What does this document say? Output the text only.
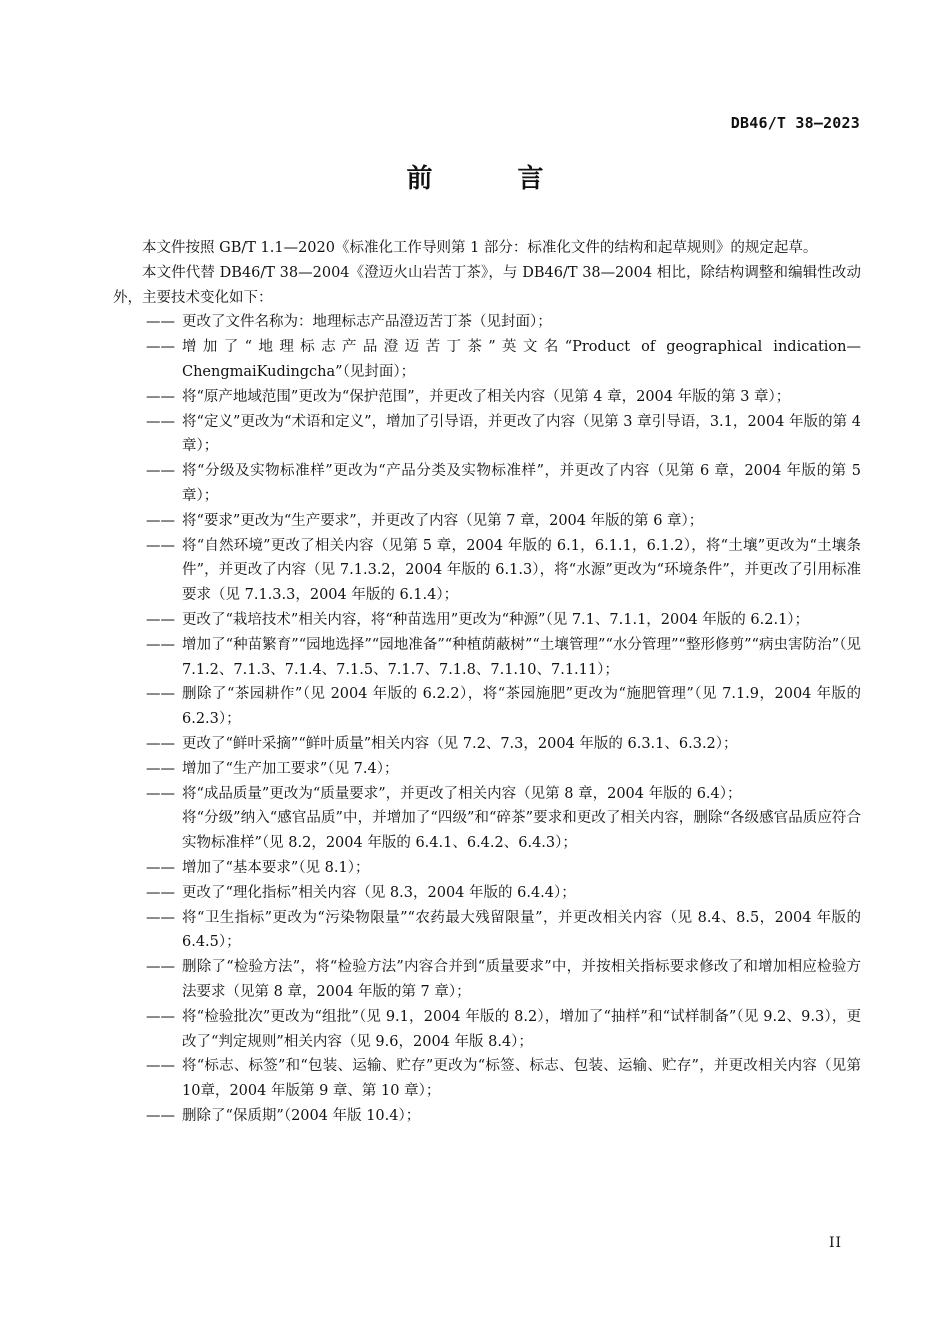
DB46/T 38—2023
前 言
本文件按照 GB/T 1.1—2020《标准化工作导则第 1 部分：标准化文件的结构和起草规则》的规定起草。
本文件代替 DB46/T 38—2004《澄迈火山岩苦丁茶》，与 DB46/T 38—2004 相比，除结构调整和编辑性改动外，主要技术变化如下：
—— 更改了文件名称为：地理标志产品澄迈苦丁茶（见封面）；
—— 增加了“地理标志产品澄迈苦丁茶”英文名“Product of geographical indication—ChengmaiKudingcha”（见封面）；
—— 将“原产地域范围”更改为“保护范围”，并更改了相关内容（见第 4 章，2004 年版的第 3 章）；
—— 将“定义”更改为“术语和定义”，增加了引导语，并更改了内容（见第 3 章引导语，3.1，2004 年版的第 4 章）；
—— 将“分级及实物标准样”更改为“产品分类及实物标准样”，并更改了内容（见第 6 章，2004 年版的第 5 章）；
—— 将“要求”更改为“生产要求”，并更改了内容（见第 7 章，2004 年版的第 6 章）；
—— 将“自然环境”更改了相关内容（见第 5 章，2004 年版的 6.1，6.1.1，6.1.2），将“土壤”更改为“土壤条件”，并更改了内容（见 7.1.3.2，2004 年版的 6.1.3），将“水源”更改为“环境条件”，并更改了引用标准要求（见 7.1.3.3，2004 年版的 6.1.4）；
—— 更改了“栽培技术”相关内容，将“种苗选用”更改为“种源”（见 7.1、7.1.1，2004 年版的 6.2.1）；
—— 增加了“种苗繁育”“园地选择”“园地准备”“种植荫蔽树”“土壤管理”“水分管理”“整形修剪”“病虫害防治”（见 7.1.2、7.1.3、7.1.4、7.1.5、7.1.7、7.1.8、7.1.10、7.1.11）；
—— 删除了“茶园耕作”（见 2004 年版的 6.2.2），将“茶园施肥”更改为“施肥管理”（见 7.1.9，2004 年版的 6.2.3）；
—— 更改了“鲜叶采摘”“鲜叶质量”相关内容（见 7.2、7.3，2004 年版的 6.3.1、6.3.2）；
—— 增加了“生产加工要求”（见 7.4）；
—— 将“成品质量”更改为“质量要求”，并更改了相关内容（见第 8 章，2004 年版的 6.4）；
将“分级”纳入“感官品质”中，并增加了“四级”和“碎茶”要求和更改了相关内容，删除“各级感官品质应符合实物标准样”（见 8.2，2004 年版的 6.4.1、6.4.2、6.4.3）；
—— 增加了“基本要求”（见 8.1）；
—— 更改了“理化指标”相关内容（见 8.3，2004 年版的 6.4.4）；
—— 将“卫生指标”更改为“污染物限量”“农药最大残留限量”，并更改相关内容（见 8.4、8.5，2004 年版的 6.4.5）；
—— 删除了“检验方法”，将“检验方法”内容合并到“质量要求”中，并按相关指标要求修改了和增加相应检验方法要求（见第 8 章，2004 年版的第 7 章）；
—— 将“检验批次”更改为“组批”（见 9.1，2004 年版的 8.2），增加了“抽样”和“试样制备”（见 9.2、9.3），更改了“判定规则”相关内容（见 9.6，2004 年版 8.4）；
—— 将“标志、标签”和“包装、运输、贮存”更改为“标签、标志、包装、运输、贮存”，并更改相关内容（见第10章，2004 年版第 9 章、第 10 章）；
—— 删除了“保质期”（2004 年版 10.4）；
II
